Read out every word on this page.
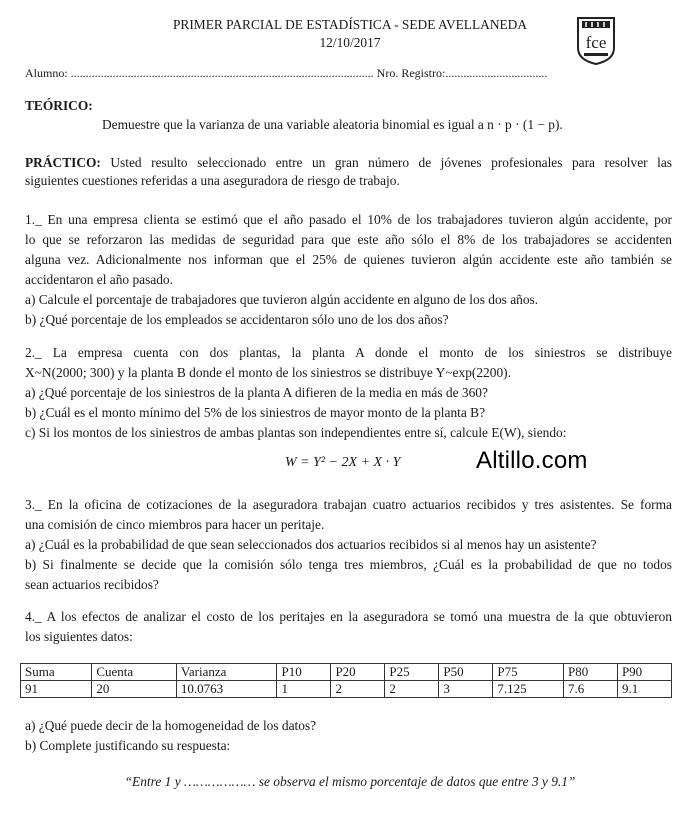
PRIMER PARCIAL DE ESTADÍSTICA - SEDE AVELLANEDA
12/10/2017	fce
Alumno: ..................................................................................................... Nro. Registro:..................................
TEÓRICO:
Demuestre que la varianza de una variable aleatoria binomial es igual a n · p · (1 − p).
PRÁCTICO: Usted resulto seleccionado entre un gran número de jóvenes profesionales para resolver las
siguientes cuestiones referidas a una aseguradora de riesgo de trabajo.
1._ En una empresa clienta se estimó que el año pasado el 10% de los trabajadores tuvieron algún accidente, por
lo que se reforzaron las medidas de seguridad para que este año sólo el 8% de los trabajadores se accidenten
alguna vez. Adicionalmente nos informan que el 25% de quienes tuvieron algún accidente este año también se
accidentaron el año pasado.
a) Calcule el porcentaje de trabajadores que tuvieron algún accidente en alguno de los dos años.
b) ¿Qué porcentaje de los empleados se accidentaron sólo uno de los dos años?
2._ La empresa cuenta con dos plantas, la planta A donde el monto de los siniestros se distribuye
X~N(2000; 300) y la planta B donde el monto de los siniestros se distribuye Y~exp(2200).
a) ¿Qué porcentaje de los siniestros de la planta A difieren de la media en más de 360?
b) ¿Cuál es el monto mínimo del 5% de los siniestros de mayor monto de la planta B?
c) Si los montos de los siniestros de ambas plantas son independientes entre sí, calcule E(W), siendo:
W = Y² − 2X + X · Y	Altillo.com
3._ En la oficina de cotizaciones de la aseguradora trabajan cuatro actuarios recibidos y tres asistentes. Se forma
una comisión de cinco miembros para hacer un peritaje.
a) ¿Cuál es la probabilidad de que sean seleccionados dos actuarios recibidos si al menos hay un asistente?
b) Si finalmente se decide que la comisión sólo tenga tres miembros, ¿Cuál es la probabilidad de que no todos
sean actuarios recibidos?
4._ A los efectos de analizar el costo de los peritajes en la aseguradora se tomó una muestra de la que obtuvieron
los siguientes datos:
Suma	Cuenta	Varianza	P10	P20	P25	P50	P75	P80	P90
91	20	10.0763	1	2	2	3	7.125	7.6	9.1
a) ¿Qué puede decir de la homogeneidad de los datos?
b) Complete justificando su respuesta:
“Entre 1 y ……………… se observa el mismo porcentaje de datos que entre 3 y 9.1”
